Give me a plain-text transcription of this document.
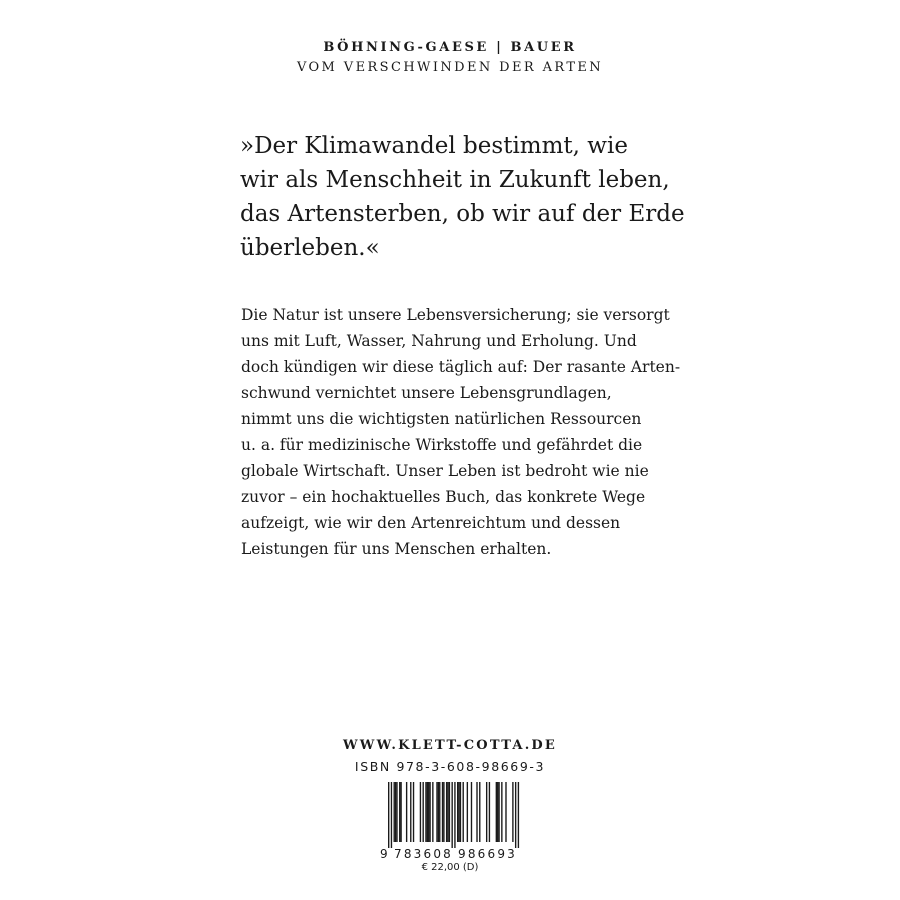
BÖHNING-GAESE | BAUER
VOM VERSCHWINDEN DER ARTEN
»Der Klimawandel bestimmt, wie
wir als Menschheit in Zukunft leben,
das Artensterben, ob wir auf der Erde
überleben.«
Die Natur ist unsere Lebensversicherung; sie versorgt
uns mit Luft, Wasser, Nahrung und Erholung. Und
doch kündigen wir diese täglich auf: Der rasante Arten-
schwund vernichtet unsere Lebensgrundlagen,
nimmt uns die wichtigsten natürlichen Ressourcen
u. a. für medizinische Wirkstoffe und gefährdet die
globale Wirtschaft. Unser Leben ist bedroht wie nie
zuvor – ein hochaktuelles Buch, das konkrete Wege
aufzeigt, wie wir den Artenreichtum und dessen
Leistungen für uns Menschen erhalten.
WWW.KLETT-COTTA.DE
ISBN 978-3-608-98669-3
9 783608 986693
€ 22,00 (D)
